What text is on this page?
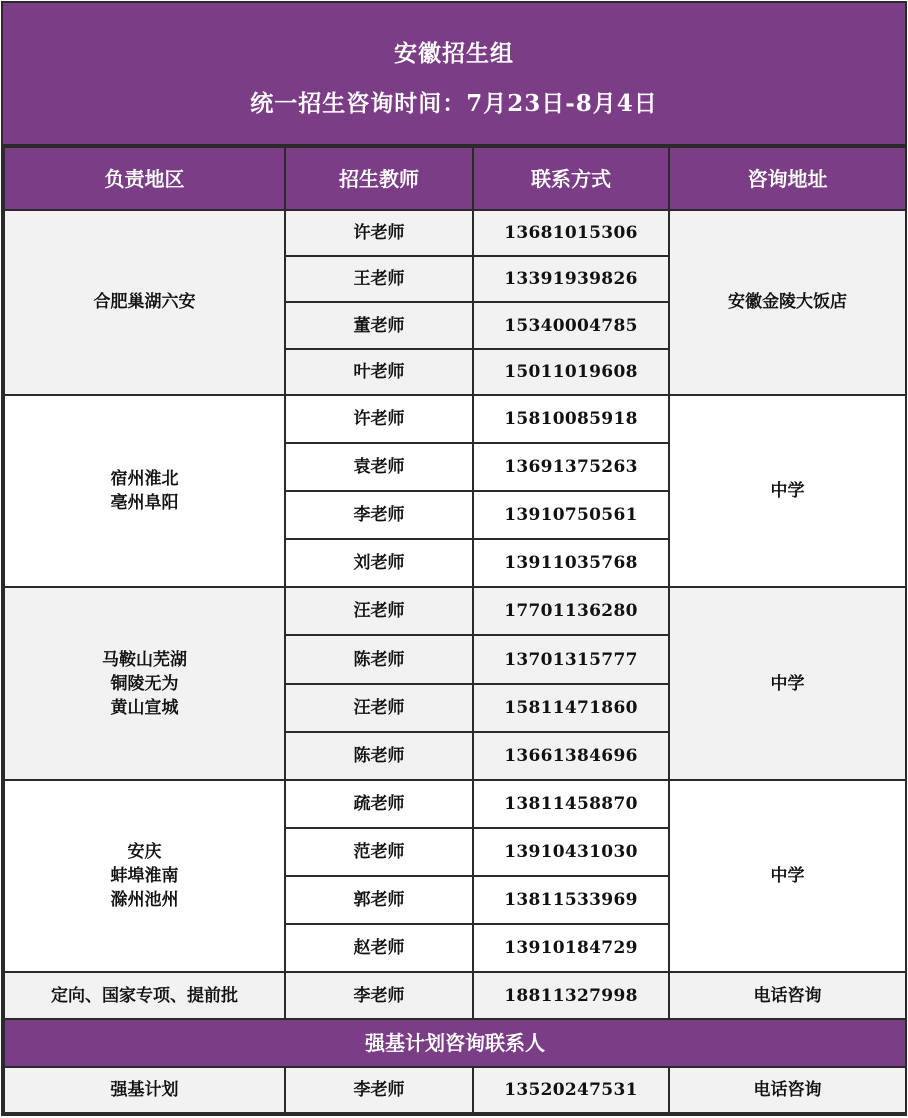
安徽招生组
统一招生咨询时间：7月23日-8月4日
负责地区	招生教师	联系方式	咨询地址
合肥巢湖六安	许老师	13681015306	安徽金陵大饭店
	王老师	13391939826	
	董老师	15340004785	
	叶老师	15011019608	
宿州淮北
亳州阜阳	许老师	15810085918	中学
	袁老师	13691375263	
	李老师	13910750561	
	刘老师	13911035768	
马鞍山芜湖
铜陵无为
黄山宣城	汪老师	17701136280	中学
	陈老师	13701315777	
	汪老师	15811471860	
	陈老师	13661384696	
安庆
蚌埠淮南
滁州池州	疏老师	13811458870	中学
	范老师	13910431030	
	郭老师	13811533969	
	赵老师	13910184729	
定向、国家专项、提前批	李老师	18811327998	电话咨询
强基计划咨询联系人			
强基计划	李老师	13520247531	电话咨询
